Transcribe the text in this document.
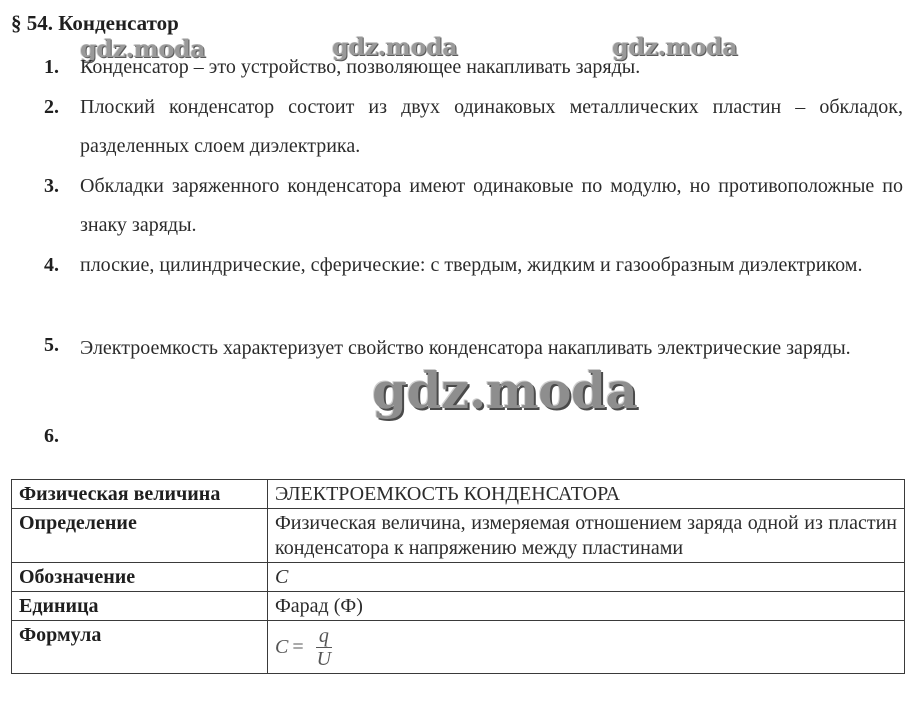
§ 54. Конденсатор
gdz.moda	gdz.moda	gdz.moda
gdz.moda
1.	Конденсатор – это устройство, позволяющее накапливать заряды.
2.	Плоский конденсатор состоит из двух одинаковых металлических пластин – обкладок, разделенных слоем диэлектрика.
3.	Обкладки заряженного конденсатора имеют одинаковые по модулю, но противоположные по знаку заряды.
4.	плоские, цилиндрические, сферические: с твердым, жидким и газообразным диэлектриком.
5.	Электроемкость характеризует свойство конденсатора накапливать электрические заряды.
6.
Физическая величина	ЭЛЕКТРОЕМКОСТЬ КОНДЕНСАТОРА
Определение	Физическая величина, измеряемая отношением заряда одной из пластин конденсатора к напряжению между пластинами
Обозначение	C
Единица	Фарад (Ф)
Формула	$C = \frac{q}{U}$
